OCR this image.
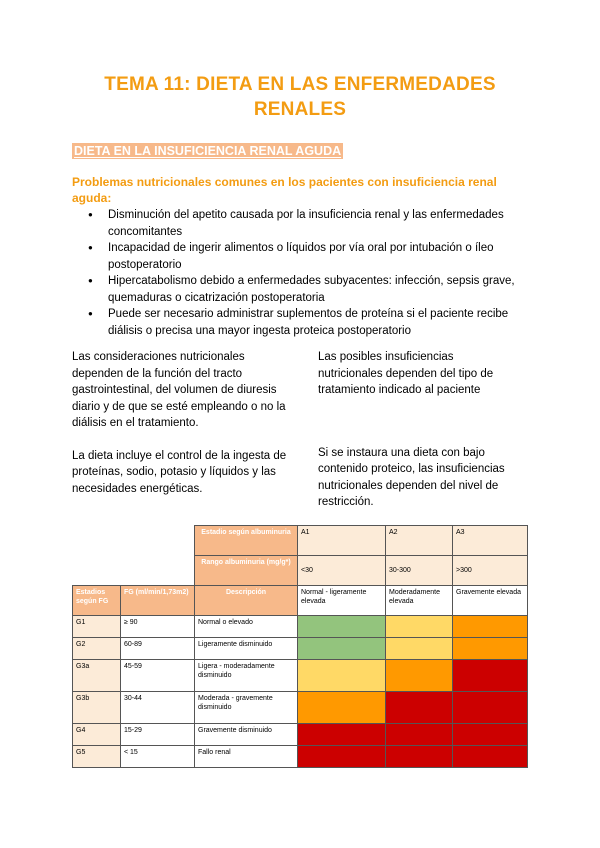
TEMA 11: DIETA EN LAS ENFERMEDADES
RENALES
DIETA EN LA INSUFICIENCIA RENAL AGUDA
Problemas nutricionales comunes en los pacientes con insuficiencia renal aguda:
● Disminución del apetito causada por la insuficiencia renal y las enfermedades concomitantes
● Incapacidad de ingerir alimentos o líquidos por vía oral por intubación o íleo postoperatorio
● Hipercatabolismo debido a enfermedades subyacentes: infección, sepsis grave, quemaduras o cicatrización postoperatoria
● Puede ser necesario administrar suplementos de proteína si el paciente recibe diálisis o precisa una mayor ingesta proteica postoperatorio

Las consideraciones nutricionales dependen de la función del tracto gastrointestinal, del volumen de diuresis diario y de que se esté empleando o no la diálisis en el tratamiento.

La dieta incluye el control de la ingesta de proteínas, sodio, potasio y líquidos y las necesidades energéticas.

Las posibles insuficiencias nutricionales dependen del tipo de tratamiento indicado al paciente

Si se instaura una dieta con bajo contenido proteico, las insuficiencias nutricionales dependen del nivel de restricción.

		Estadio según albuminuria	A1	A2	A3
		Rango albuminuria (mg/g*)	<30	30-300	>300
Estadios según FG	FG (ml/min/1,73m2)	Descripción	Normal - ligeramente elevada	Moderadamente elevada	Gravemente elevada
G1	≥ 90	Normal o elevado			
G2	60-89	Ligeramente disminuido			
G3a	45-59	Ligera - moderadamente disminuido			
G3b	30-44	Moderada - gravemente disminuido			
G4	15-29	Gravemente disminuido			
G5	< 15	Fallo renal			
